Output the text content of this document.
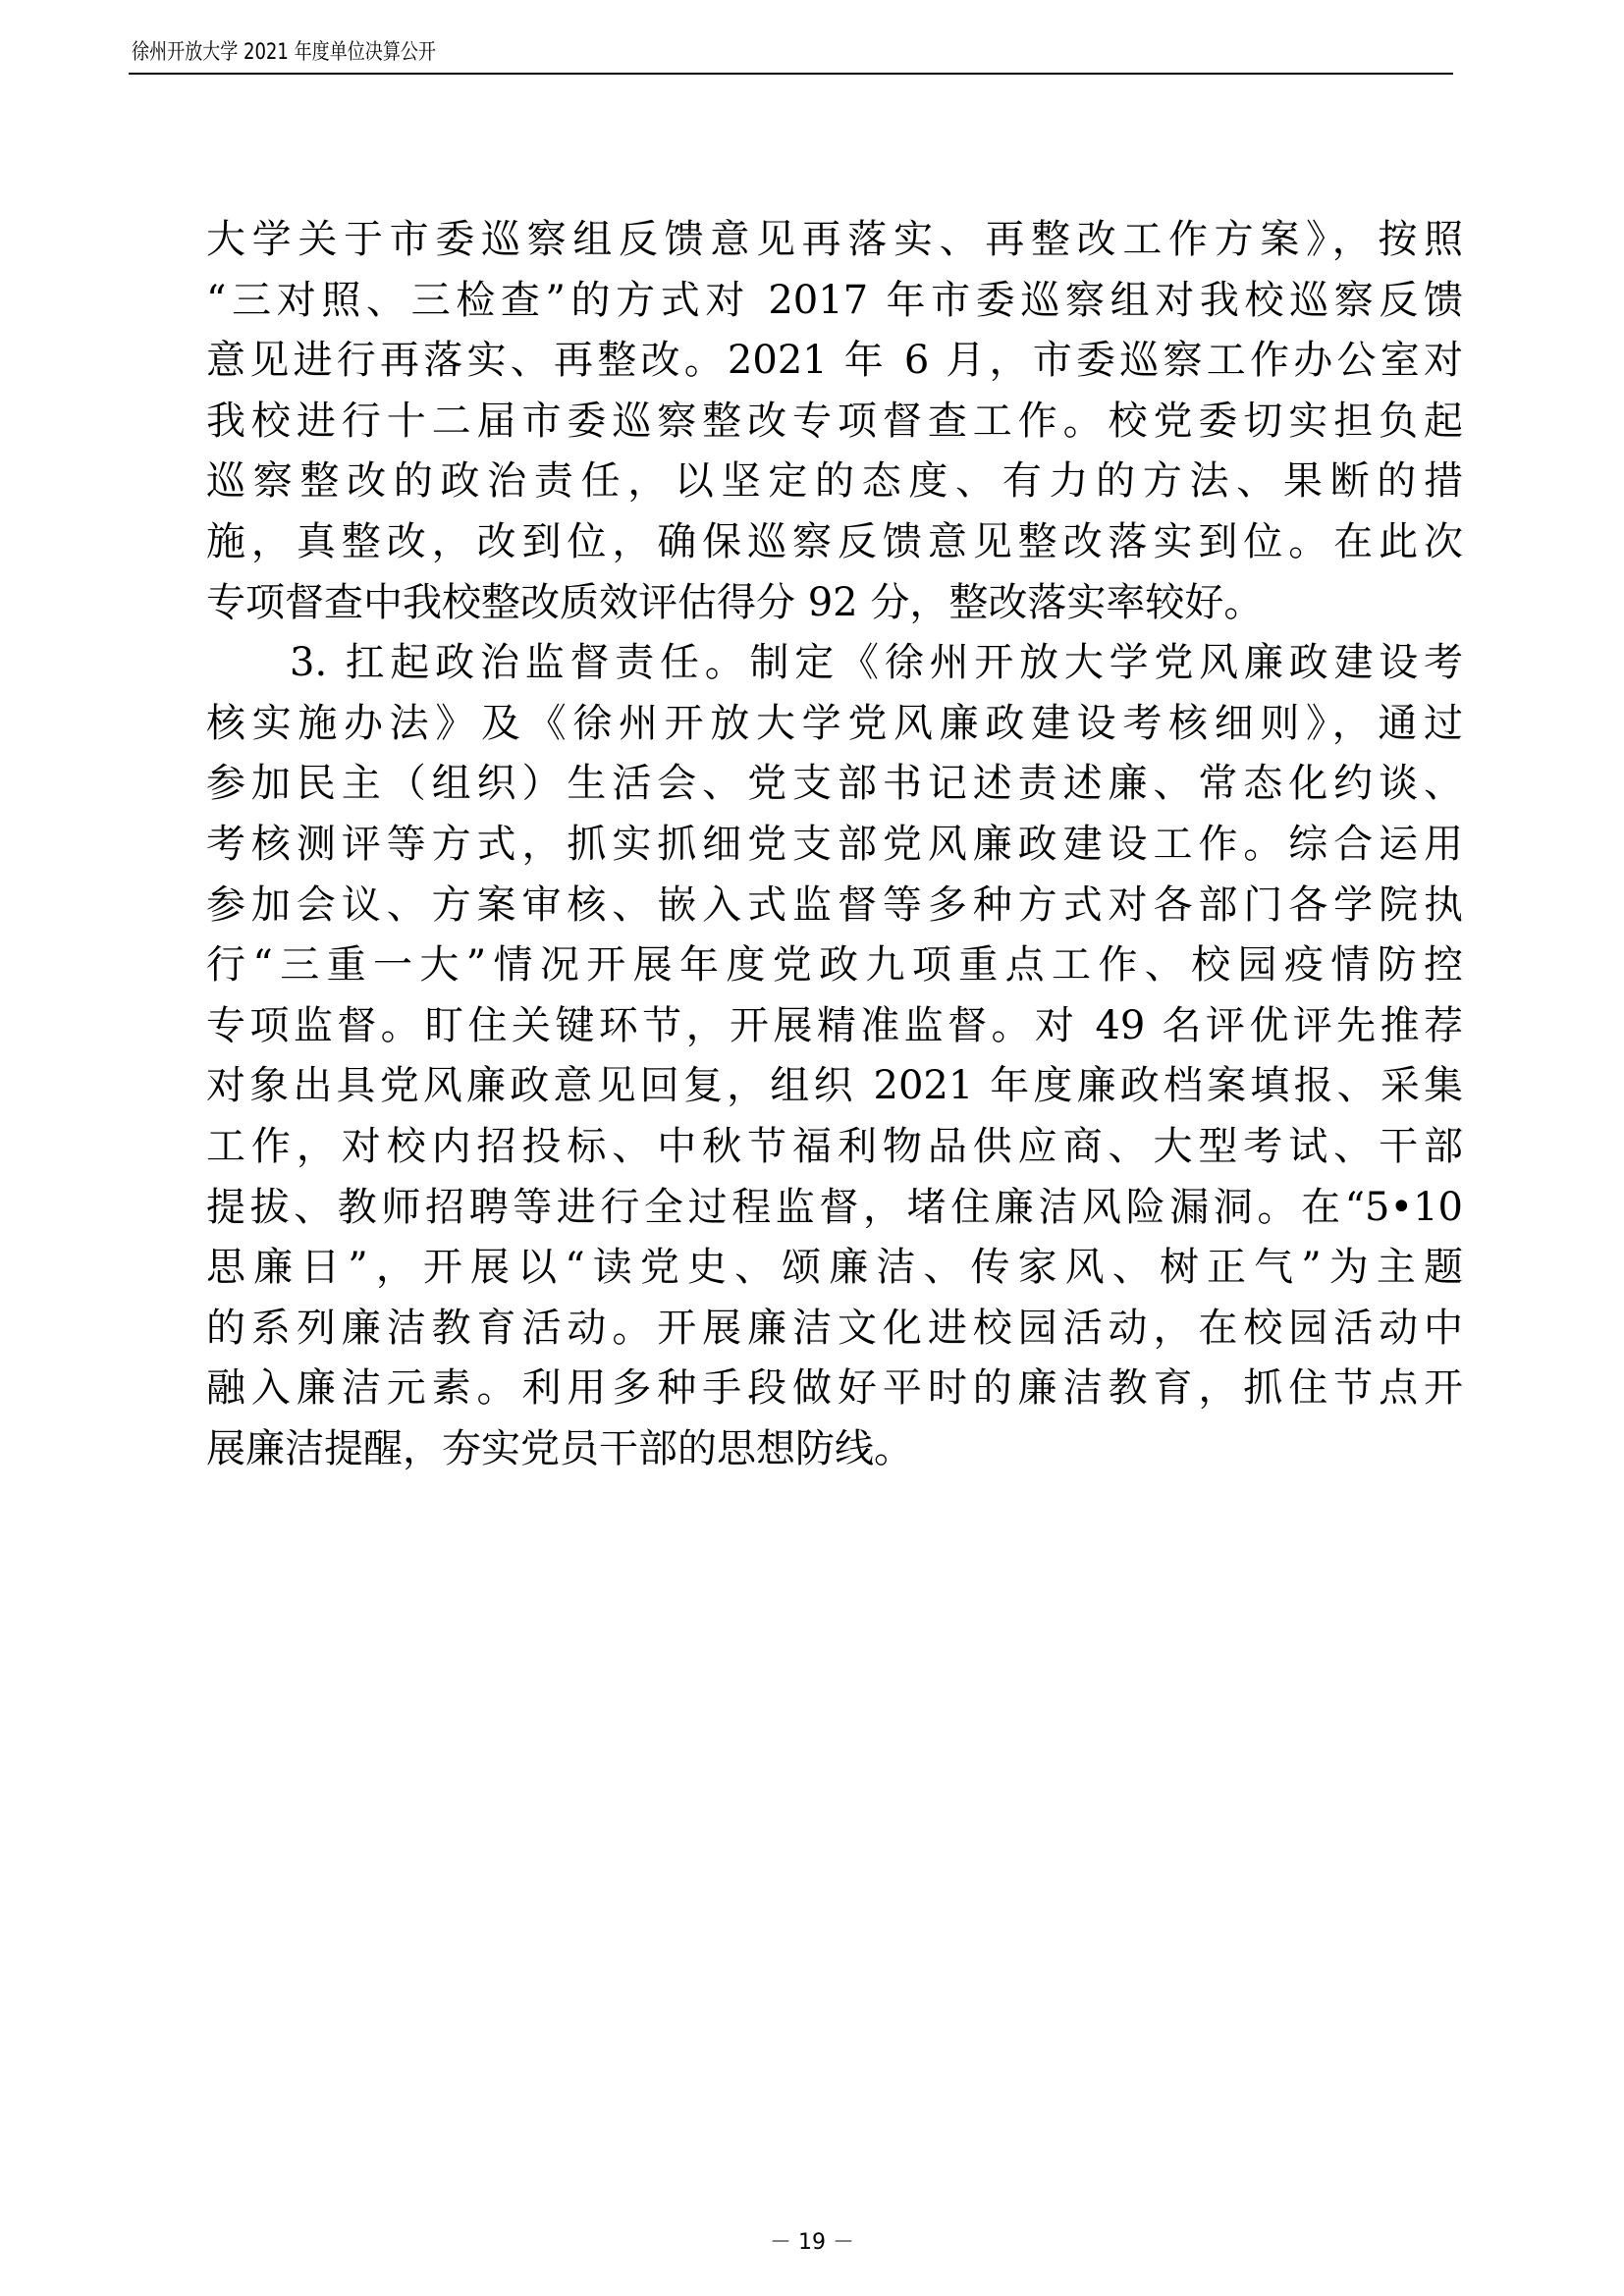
徐州开放大学 2021 年度单位决算公开
大学关于市委巡察组反馈意见再落实、再整改工作方案》，按照
“三对照、三检查”的方式对 2017 年市委巡察组对我校巡察反馈
意见进行再落实、再整改。2021 年 6 月，市委巡察工作办公室对
我校进行十二届市委巡察整改专项督查工作。校党委切实担负起
巡察整改的政治责任，以坚定的态度、有力的方法、果断的措
施，真整改，改到位，确保巡察反馈意见整改落实到位。在此次
专项督查中我校整改质效评估得分 92 分，整改落实率较好。
3. 扛起政治监督责任。制定《徐州开放大学党风廉政建设考
核实施办法》及《徐州开放大学党风廉政建设考核细则》，通过
参加民主（组织）生活会、党支部书记述责述廉、常态化约谈、
考核测评等方式，抓实抓细党支部党风廉政建设工作。综合运用
参加会议、方案审核、嵌入式监督等多种方式对各部门各学院执
行“三重一大”情况开展年度党政九项重点工作、校园疫情防控
专项监督。盯住关键环节，开展精准监督。对 49 名评优评先推荐
对象出具党风廉政意见回复，组织 2021 年度廉政档案填报、采集
工作，对校内招投标、中秋节福利物品供应商、大型考试、干部
提拔、教师招聘等进行全过程监督，堵住廉洁风险漏洞。在“5•10
思廉日”，开展以“读党史、颂廉洁、传家风、树正气”为主题
的系列廉洁教育活动。开展廉洁文化进校园活动，在校园活动中
融入廉洁元素。利用多种手段做好平时的廉洁教育，抓住节点开
展廉洁提醒，夯实党员干部的思想防线。
－ 19 －
